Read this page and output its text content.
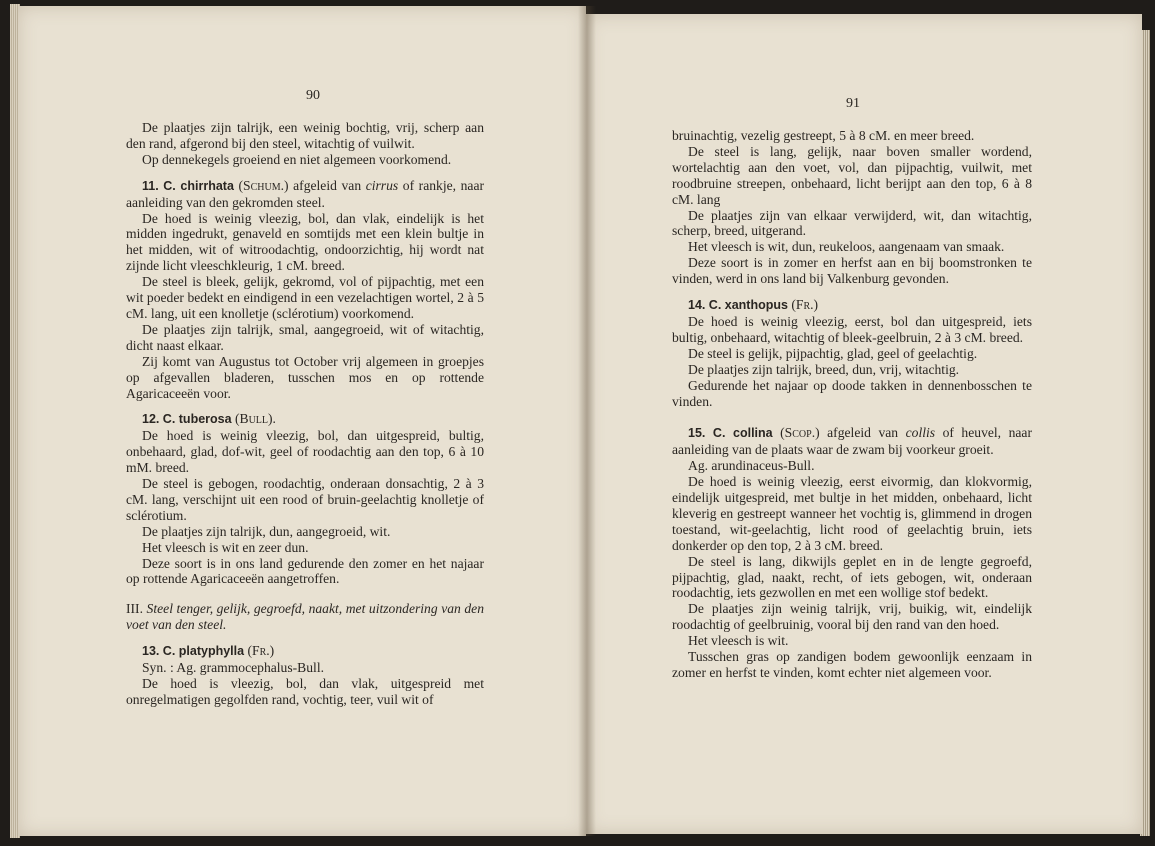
90

De plaatjes zijn talrijk, een weinig bochtig, vrij, scherp aan den rand, afgerond bij den steel, witachtig of vuilwit.

Op dennekegels groeiend en niet algemeen voorkomend.

11. C. chirrhata (Schum.) afgeleid van cirrus of rankje, naar aanleiding van den gekromden steel.

De hoed is weinig vleezig, bol, dan vlak, eindelijk is het midden ingedrukt, genaveld en somtijds met een klein bultje in het midden, wit of witroodachtig, ondoorzichtig, hij wordt nat zijnde licht vleeschkleurig, 1 cM. breed.

De steel is bleek, gelijk, gekromd, vol of pijpachtig, met een wit poeder bedekt en eindigend in een vezelachtigen wortel, 2 à 5 cM. lang, uit een knolletje (sclérotium) voorkomend.

De plaatjes zijn talrijk, smal, aangegroeid, wit of witachtig, dicht naast elkaar.

Zij komt van Augustus tot October vrij algemeen in groepjes op afgevallen bladeren, tusschen mos en op rottende Agaricaceeën voor.

12. C. tuberosa (Bull).

De hoed is weinig vleezig, bol, dan uitgespreid, bultig, onbehaard, glad, dof-wit, geel of roodachtig aan den top, 6 à 10 mM. breed.

De steel is gebogen, roodachtig, onderaan donsachtig, 2 à 3 cM. lang, verschijnt uit een rood of bruin-geelachtig knolletje of sclérotium.

De plaatjes zijn talrijk, dun, aangegroeid, wit.

Het vleesch is wit en zeer dun.

Deze soort is in ons land gedurende den zomer en het najaar op rottende Agaricaceeën aangetroffen.

III. Steel tenger, gelijk, gegroefd, naakt, met uitzondering van den voet van den steel.

13. C. platyphylla (Fr.)

Syn. : Ag. grammocephalus-Bull.

De hoed is vleezig, bol, dan vlak, uitgespreid met onregelmatigen gegolfden rand, vochtig, teer, vuil wit of

91

bruinachtig, vezelig gestreept, 5 à 8 cM. en meer breed.

De steel is lang, gelijk, naar boven smaller wordend, wortelachtig aan den voet, vol, dan pijpachtig, vuilwit, met roodbruine streepen, onbehaard, licht berijpt aan den top, 6 à 8 cM. lang

De plaatjes zijn van elkaar verwijderd, wit, dan witachtig, scherp, breed, uitgerand.

Het vleesch is wit, dun, reukeloos, aangenaam van smaak.

Deze soort is in zomer en herfst aan en bij boomstronken te vinden, werd in ons land bij Valkenburg gevonden.

14. C. xanthopus (Fr.)

De hoed is weinig vleezig, eerst, bol dan uitgespreid, iets bultig, onbehaard, witachtig of bleek-geelbruin, 2 à 3 cM. breed.

De steel is gelijk, pijpachtig, glad, geel of geelachtig.

De plaatjes zijn talrijk, breed, dun, vrij, witachtig.

Gedurende het najaar op doode takken in dennenbosschen te vinden.

15. C. collina (Scop.) afgeleid van collis of heuvel, naar aanleiding van de plaats waar de zwam bij voorkeur groeit.

Ag. arundinaceus-Bull.

De hoed is weinig vleezig, eerst eivormig, dan klokvormig, eindelijk uitgespreid, met bultje in het midden, onbehaard, licht kleverig en gestreept wanneer het vochtig is, glimmend in drogen toestand, wit-geelachtig, licht rood of geelachtig bruin, iets donkerder op den top, 2 à 3 cM. breed.

De steel is lang, dikwijls geplet en in de lengte gegroefd, pijpachtig, glad, naakt, recht, of iets gebogen, wit, onderaan roodachtig, iets gezwollen en met een wollige stof bedekt.

De plaatjes zijn weinig talrijk, vrij, buikig, wit, eindelijk roodachtig of geelbruinig, vooral bij den rand van den hoed.

Het vleesch is wit.

Tusschen gras op zandigen bodem gewoonlijk eenzaam in zomer en herfst te vinden, komt echter niet algemeen voor.
